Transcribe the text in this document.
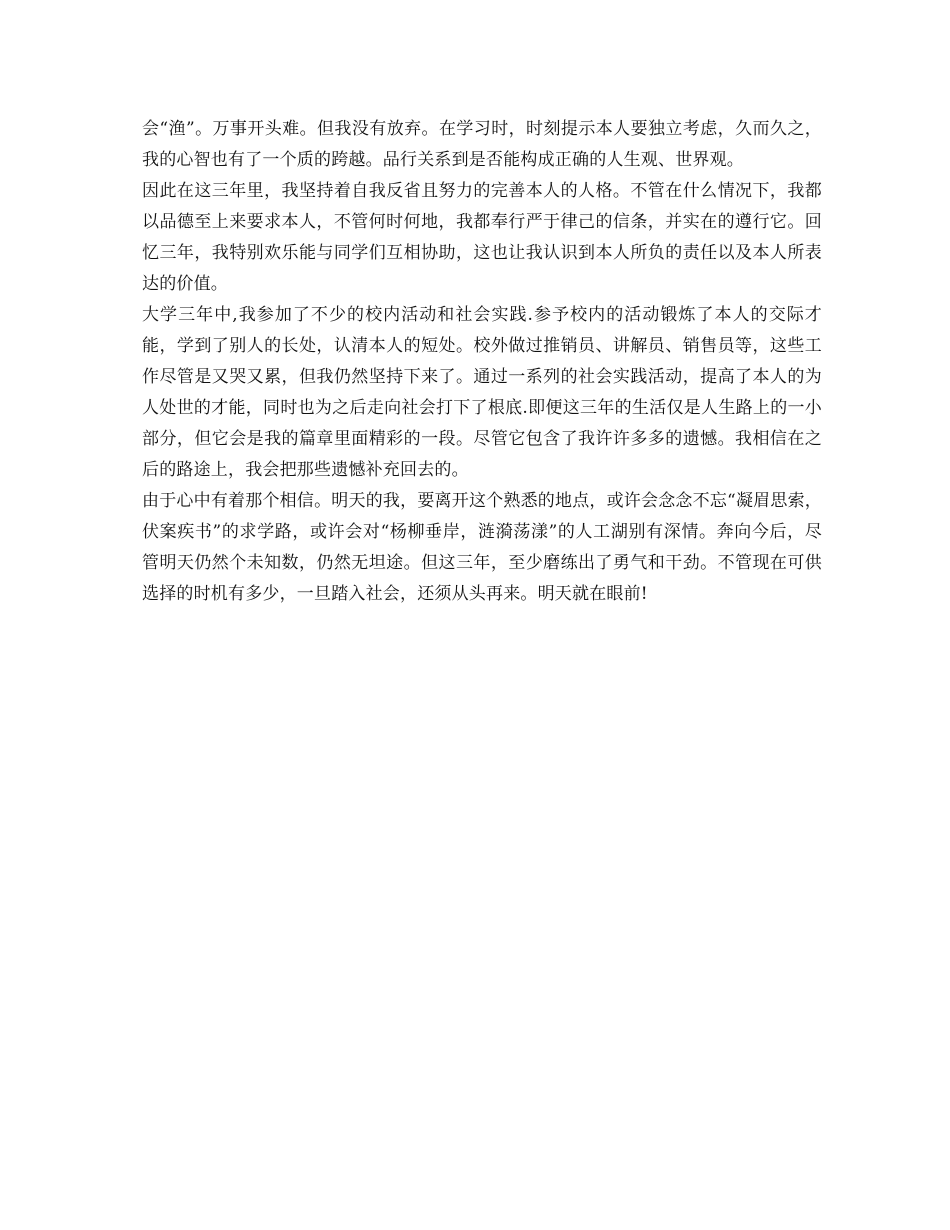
会“渔”。万事开头难。但我没有放弃。在学习时，时刻提示本人要独立考虑，久而久之，我的心智也有了一个质的跨越。品行关系到是否能构成正确的人生观、世界观。

因此在这三年里，我坚持着自我反省且努力的完善本人的人格。不管在什么情况下，我都以品德至上来要求本人，不管何时何地，我都奉行严于律己的信条，并实在的遵行它。回忆三年，我特别欢乐能与同学们互相协助，这也让我认识到本人所负的责任以及本人所表达的价值。

大学三年中,我参加了不少的校内活动和社会实践.参予校内的活动锻炼了本人的交际才能，学到了别人的长处，认清本人的短处。校外做过推销员、讲解员、销售员等，这些工作尽管是又哭又累，但我仍然坚持下来了。通过一系列的社会实践活动，提高了本人的为人处世的才能，同时也为之后走向社会打下了根底.即便这三年的生活仅是人生路上的一小部分，但它会是我的篇章里面精彩的一段。尽管它包含了我许许多多的遗憾。我相信在之后的路途上，我会把那些遗憾补充回去的。

由于心中有着那个相信。明天的我，要离开这个熟悉的地点，或许会念念不忘“凝眉思索，伏案疾书”的求学路，或许会对“杨柳垂岸，涟漪荡漾”的人工湖别有深情。奔向今后，尽管明天仍然个未知数，仍然无坦途。但这三年，至少磨练出了勇气和干劲。不管现在可供选择的时机有多少，一旦踏入社会，还须从头再来。明天就在眼前!
